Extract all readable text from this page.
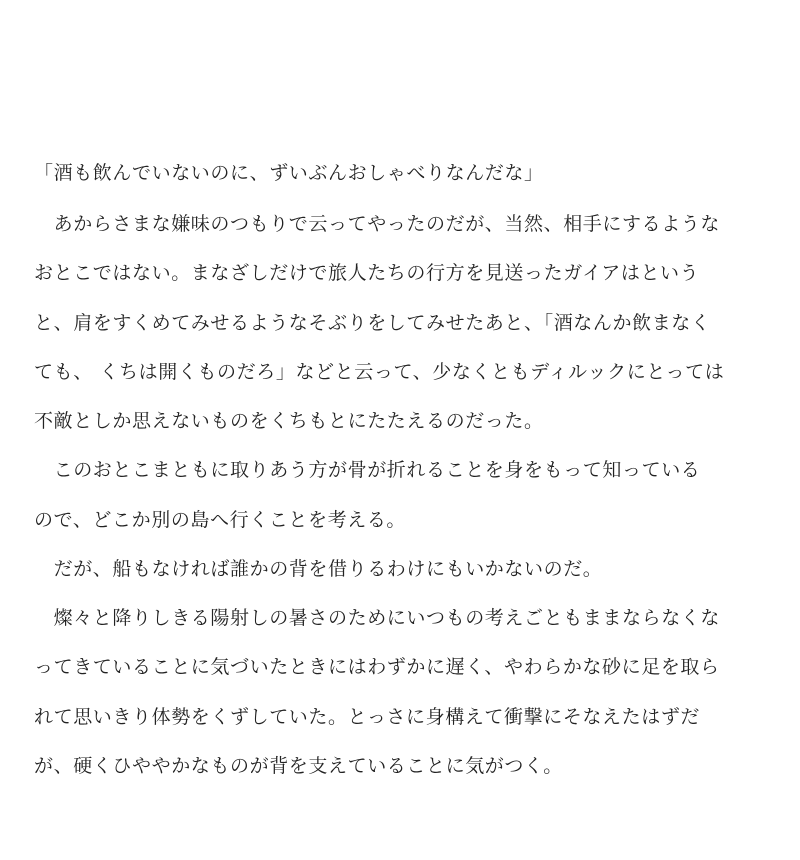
「酒も飲んでいないのに、ずいぶんおしゃべりなんだな」
　あからさまな嫌味のつもりで云ってやったのだが、当然、相手にするような
おとこではない。まなざしだけで旅人たちの行方を見送ったガイアはという
と、肩をすくめてみせるようなそぶりをしてみせたあと、「酒なんか飲まなく
ても、 くちは開くものだろ」などと云って、少なくともディルックにとっては
不敵としか思えないものをくちもとにたたえるのだった。
　このおとこまともに取りあう方が骨が折れることを身をもって知っている
ので、どこか別の島へ行くことを考える。
　だが、船もなければ誰かの背を借りるわけにもいかないのだ。
　燦々と降りしきる陽射しの暑さのためにいつもの考えごともままならなくな
ってきていることに気づいたときにはわずかに遅く、やわらかな砂に足を取ら
れて思いきり体勢をくずしていた。とっさに身構えて衝撃にそなえたはずだ
が、硬くひややかなものが背を支えていることに気がつく。
